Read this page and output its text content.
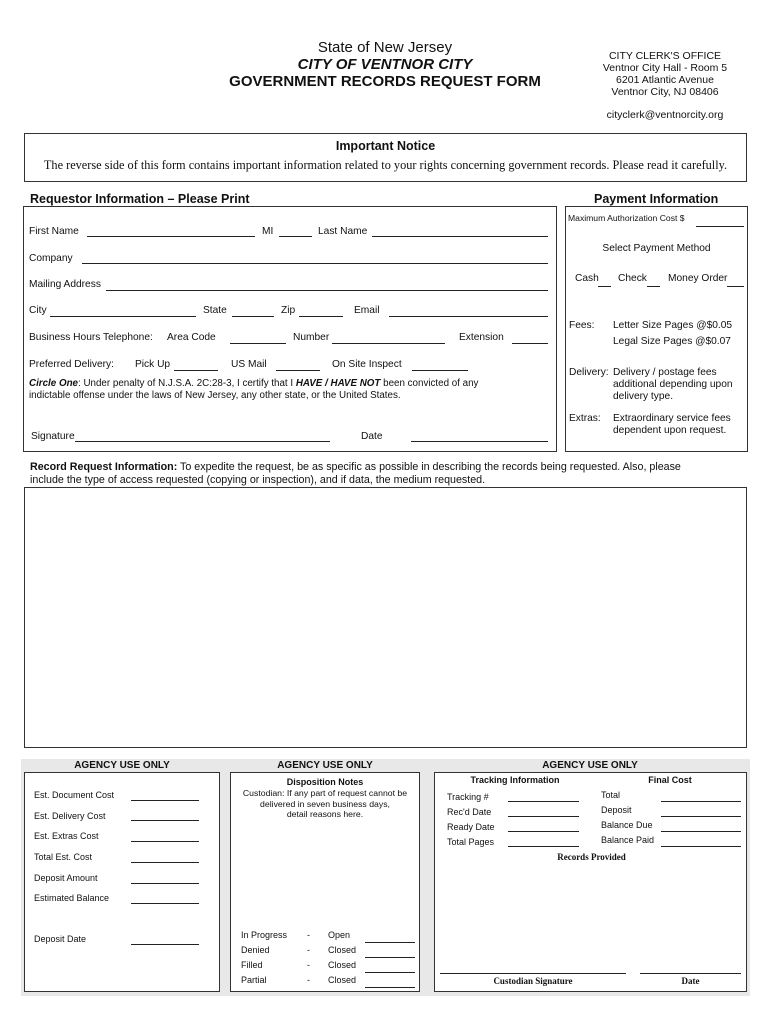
State of New Jersey
CITY OF VENTNOR CITY
GOVERNMENT RECORDS REQUEST FORM
CITY CLERK'S OFFICE
Ventnor City Hall - Room 5
6201 Atlantic Avenue
Ventnor City, NJ 08406
cityclerk@ventnorcity.org
Important Notice
The reverse side of this form contains important information related to your rights concerning government records. Please read it carefully.
Requestor Information – Please Print
First Name	MI	Last Name
Company
Mailing Address
City	State	Zip	Email
Business Hours Telephone: Area Code	Number	Extension
Preferred Delivery: Pick Up	US Mail	On Site Inspect
Circle One: Under penalty of N.J.S.A. 2C:28-3, I certify that I HAVE / HAVE NOT been convicted of any
indictable offense under the laws of New Jersey, any other state, or the United States.
Signature	Date
Payment Information
Maximum Authorization Cost $
Select Payment Method
Cash Check Money Order
Fees: Letter Size Pages @$0.05
Legal Size Pages @$0.07
Delivery: Delivery / postage fees
additional depending upon
delivery type.
Extras: Extraordinary service fees
dependent upon request.
Record Request Information: To expedite the request, be as specific as possible in describing the records being requested. Also, please
include the type of access requested (copying or inspection), and if data, the medium requested.
AGENCY USE ONLY	AGENCY USE ONLY	AGENCY USE ONLY
Est. Document Cost
Est. Delivery Cost
Est. Extras Cost
Total Est. Cost
Deposit Amount
Estimated Balance
Deposit Date
Disposition Notes
Custodian: If any part of request cannot be
delivered in seven business days,
detail reasons here.
In Progress - Open
Denied	- Closed
Filled	- Closed
Partial	- Closed
Tracking Information	Final Cost
Tracking #
Rec'd Date
Ready Date
Total Pages
Total
Deposit
Balance Due
Balance Paid
Records Provided
Custodian Signature	Date
